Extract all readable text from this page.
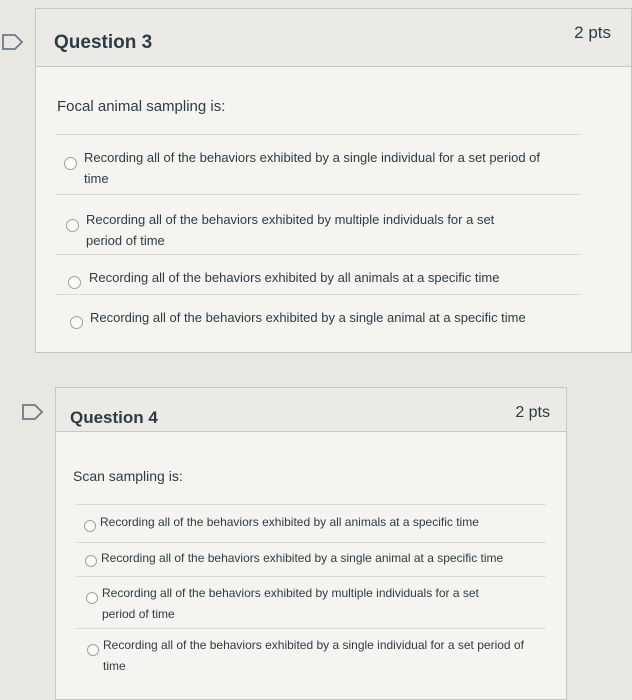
Question 3	2 pts
Focal animal sampling is:
Recording all of the behaviors exhibited by a single individual for a set period of time
Recording all of the behaviors exhibited by multiple individuals for a set period of time
Recording all of the behaviors exhibited by all animals at a specific time
Recording all of the behaviors exhibited by a single animal at a specific time
Question 4	2 pts
Scan sampling is:
Recording all of the behaviors exhibited by all animals at a specific time
Recording all of the behaviors exhibited by a single animal at a specific time
Recording all of the behaviors exhibited by multiple individuals for a set period of time
Recording all of the behaviors exhibited by a single individual for a set period of time
